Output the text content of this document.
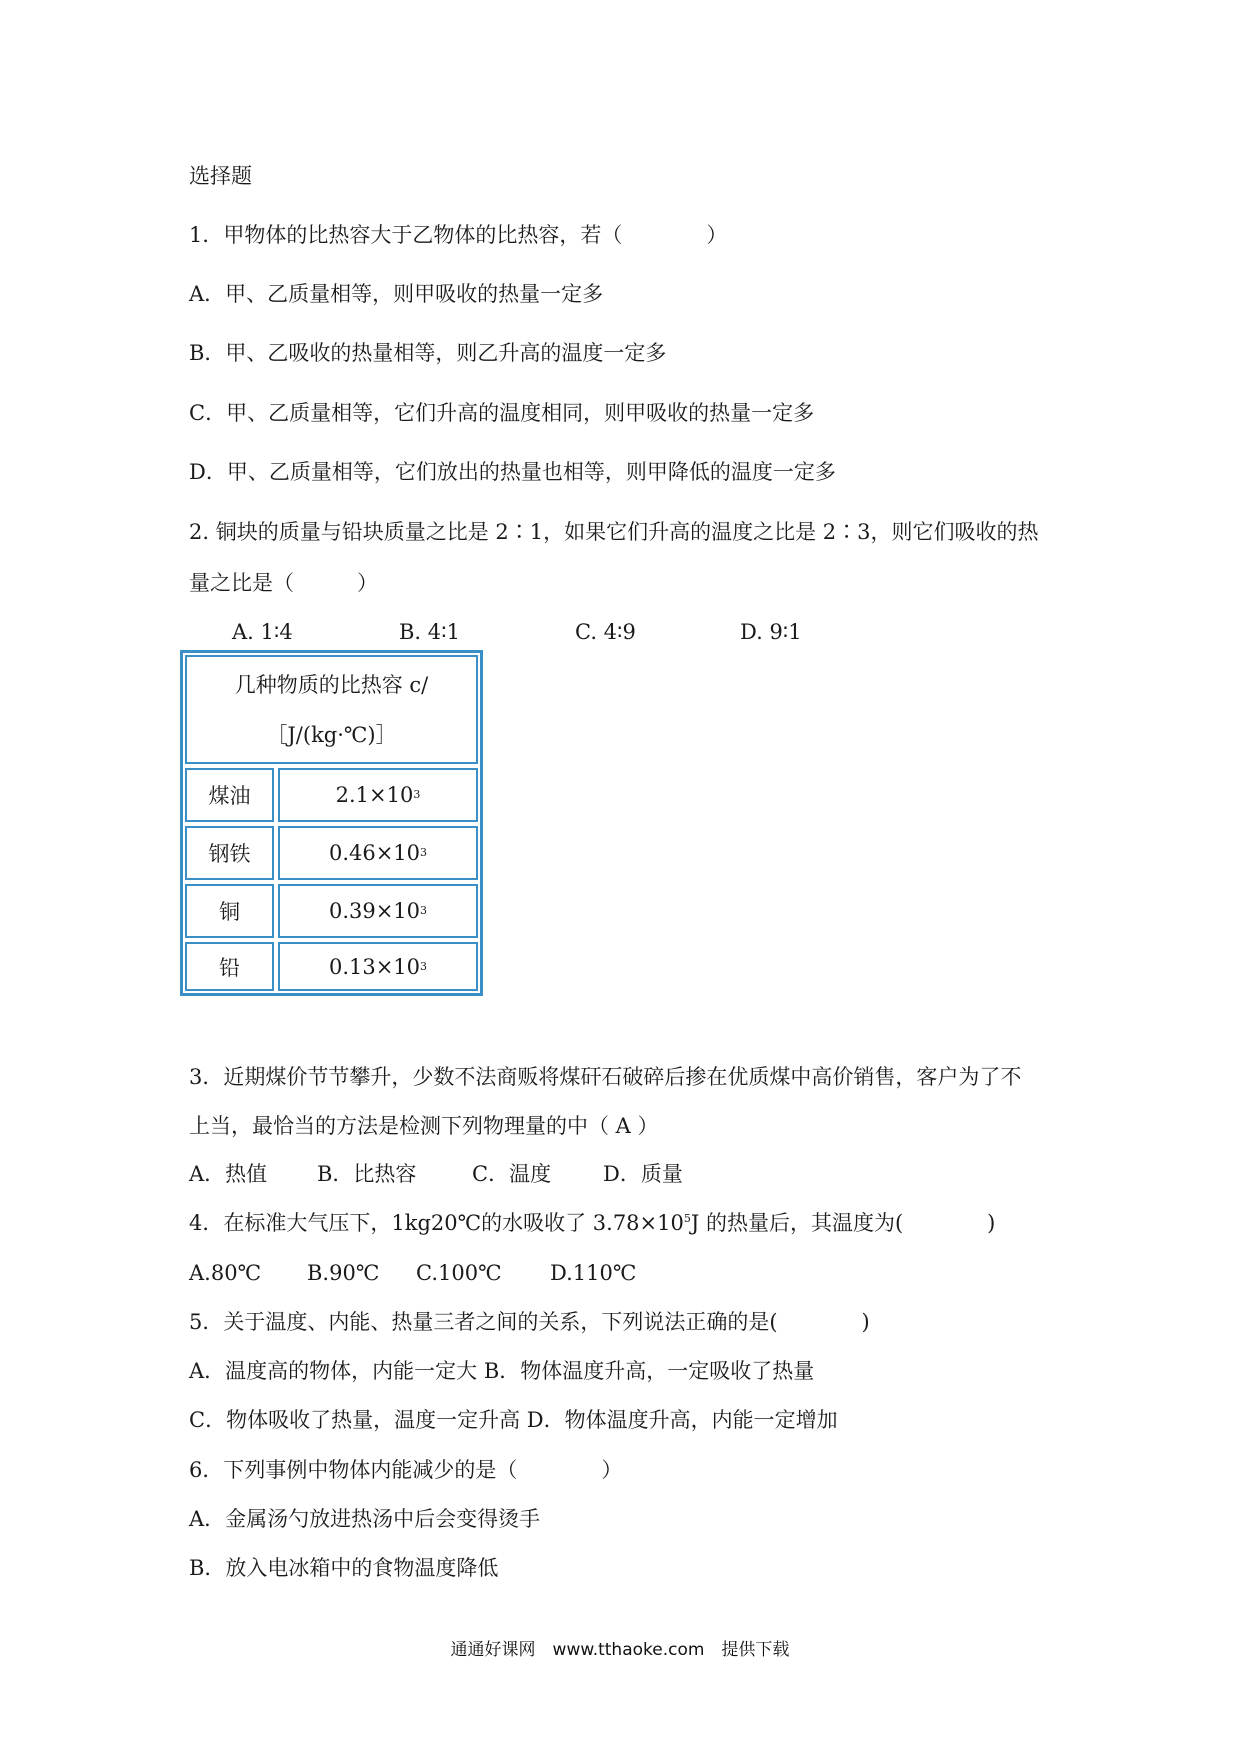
选择题
1．甲物体的比热容大于乙物体的比热容，若（　　　　）
A．甲、乙质量相等，则甲吸收的热量一定多
B．甲、乙吸收的热量相等，则乙升高的温度一定多
C．甲、乙质量相等，它们升高的温度相同，则甲吸收的热量一定多
D．甲、乙质量相等，它们放出的热量也相等，则甲降低的温度一定多
2. 铜块的质量与铅块质量之比是 2∶1，如果它们升高的温度之比是 2∶3，则它们吸收的热
量之比是（　　　）
A. 1∶4	B. 4∶1	C. 4∶9	D. 9∶1
几种物质的比热容 c/
［J/(kg·℃)］
煤油	2.1×10 3
钢铁	0.46×10 3
铜	0.39×10 3
铅	0.13×10 3
3．近期煤价节节攀升，少数不法商贩将煤矸石破碎后掺在优质煤中高价销售，客户为了不
上当，最恰当的方法是检测下列物理量的中（ A ）
A．热值 B．比热容	C．温度 D．质量
4．在标准大气压下，1kg20℃的水吸收了 $3.78\times 10^5J$ 的热量后，其温度为(　　　　)
A.80℃ B.90℃ C.100℃ D.110℃
5．关于温度、内能、热量三者之间的关系，下列说法正确的是(　　　　)
A．温度高的物体，内能一定大 B．物体温度升高，一定吸收了热量
C．物体吸收了热量，温度一定升高 D．物体温度升高，内能一定增加
6．下列事例中物体内能减少的是（　　　　）
A．金属汤勺放进热汤中后会变得烫手
B．放入电冰箱中的食物温度降低
通通好课网　www.tthaoke.com　提供下载
